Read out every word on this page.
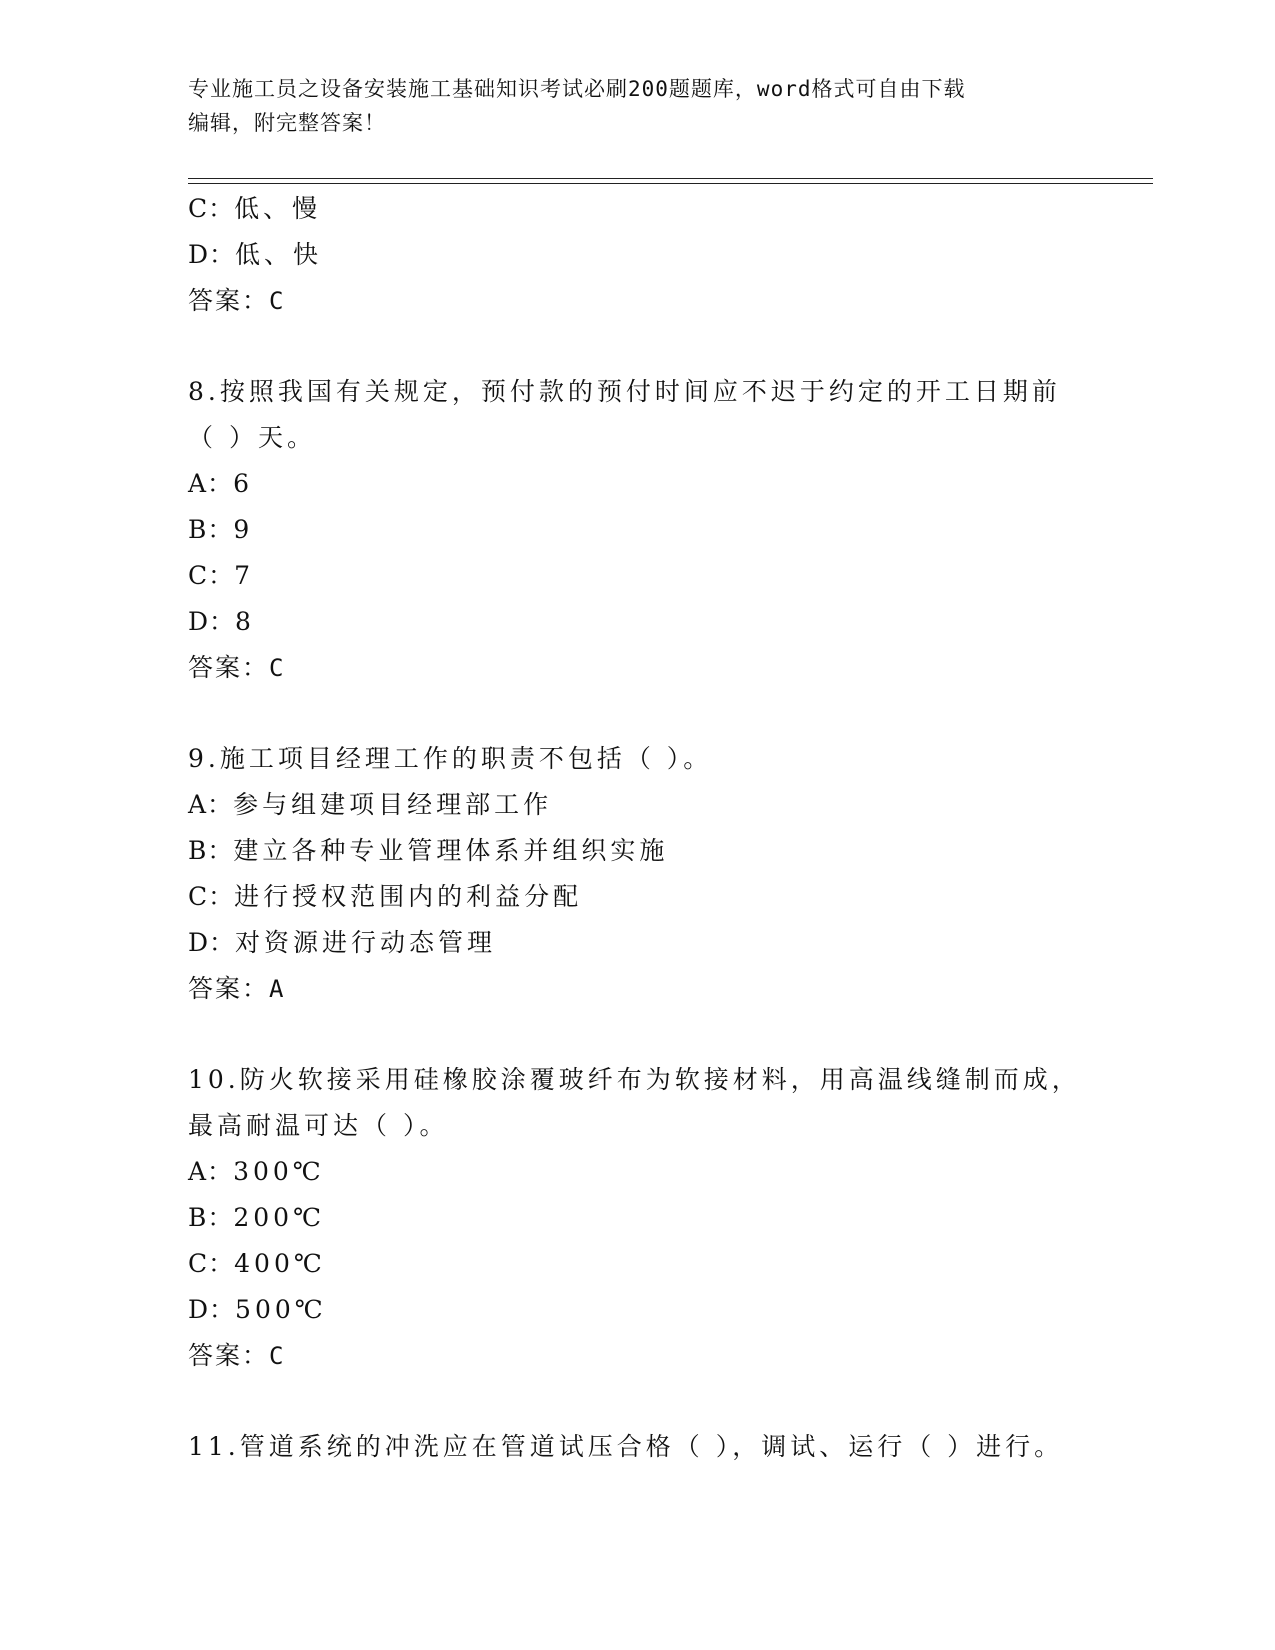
专业施工员之设备安装施工基础知识考试必刷200题题库，word格式可自由下载
编辑，附完整答案！
C：低、慢
D：低、快
答案：C
8.按照我国有关规定，预付款的预付时间应不迟于约定的开工日期前
（ ）天。
A：6
B：9
C：7
D：8
答案：C
9.施工项目经理工作的职责不包括（ ）。
A：参与组建项目经理部工作
B：建立各种专业管理体系并组织实施
C：进行授权范围内的利益分配
D：对资源进行动态管理
答案：A
10.防火软接采用硅橡胶涂覆玻纤布为软接材料，用高温线缝制而成，
最高耐温可达（ ）。
A：300℃
B：200℃
C：400℃
D：500℃
答案：C
11.管道系统的冲洗应在管道试压合格（ ），调试、运行（ ）进行。
